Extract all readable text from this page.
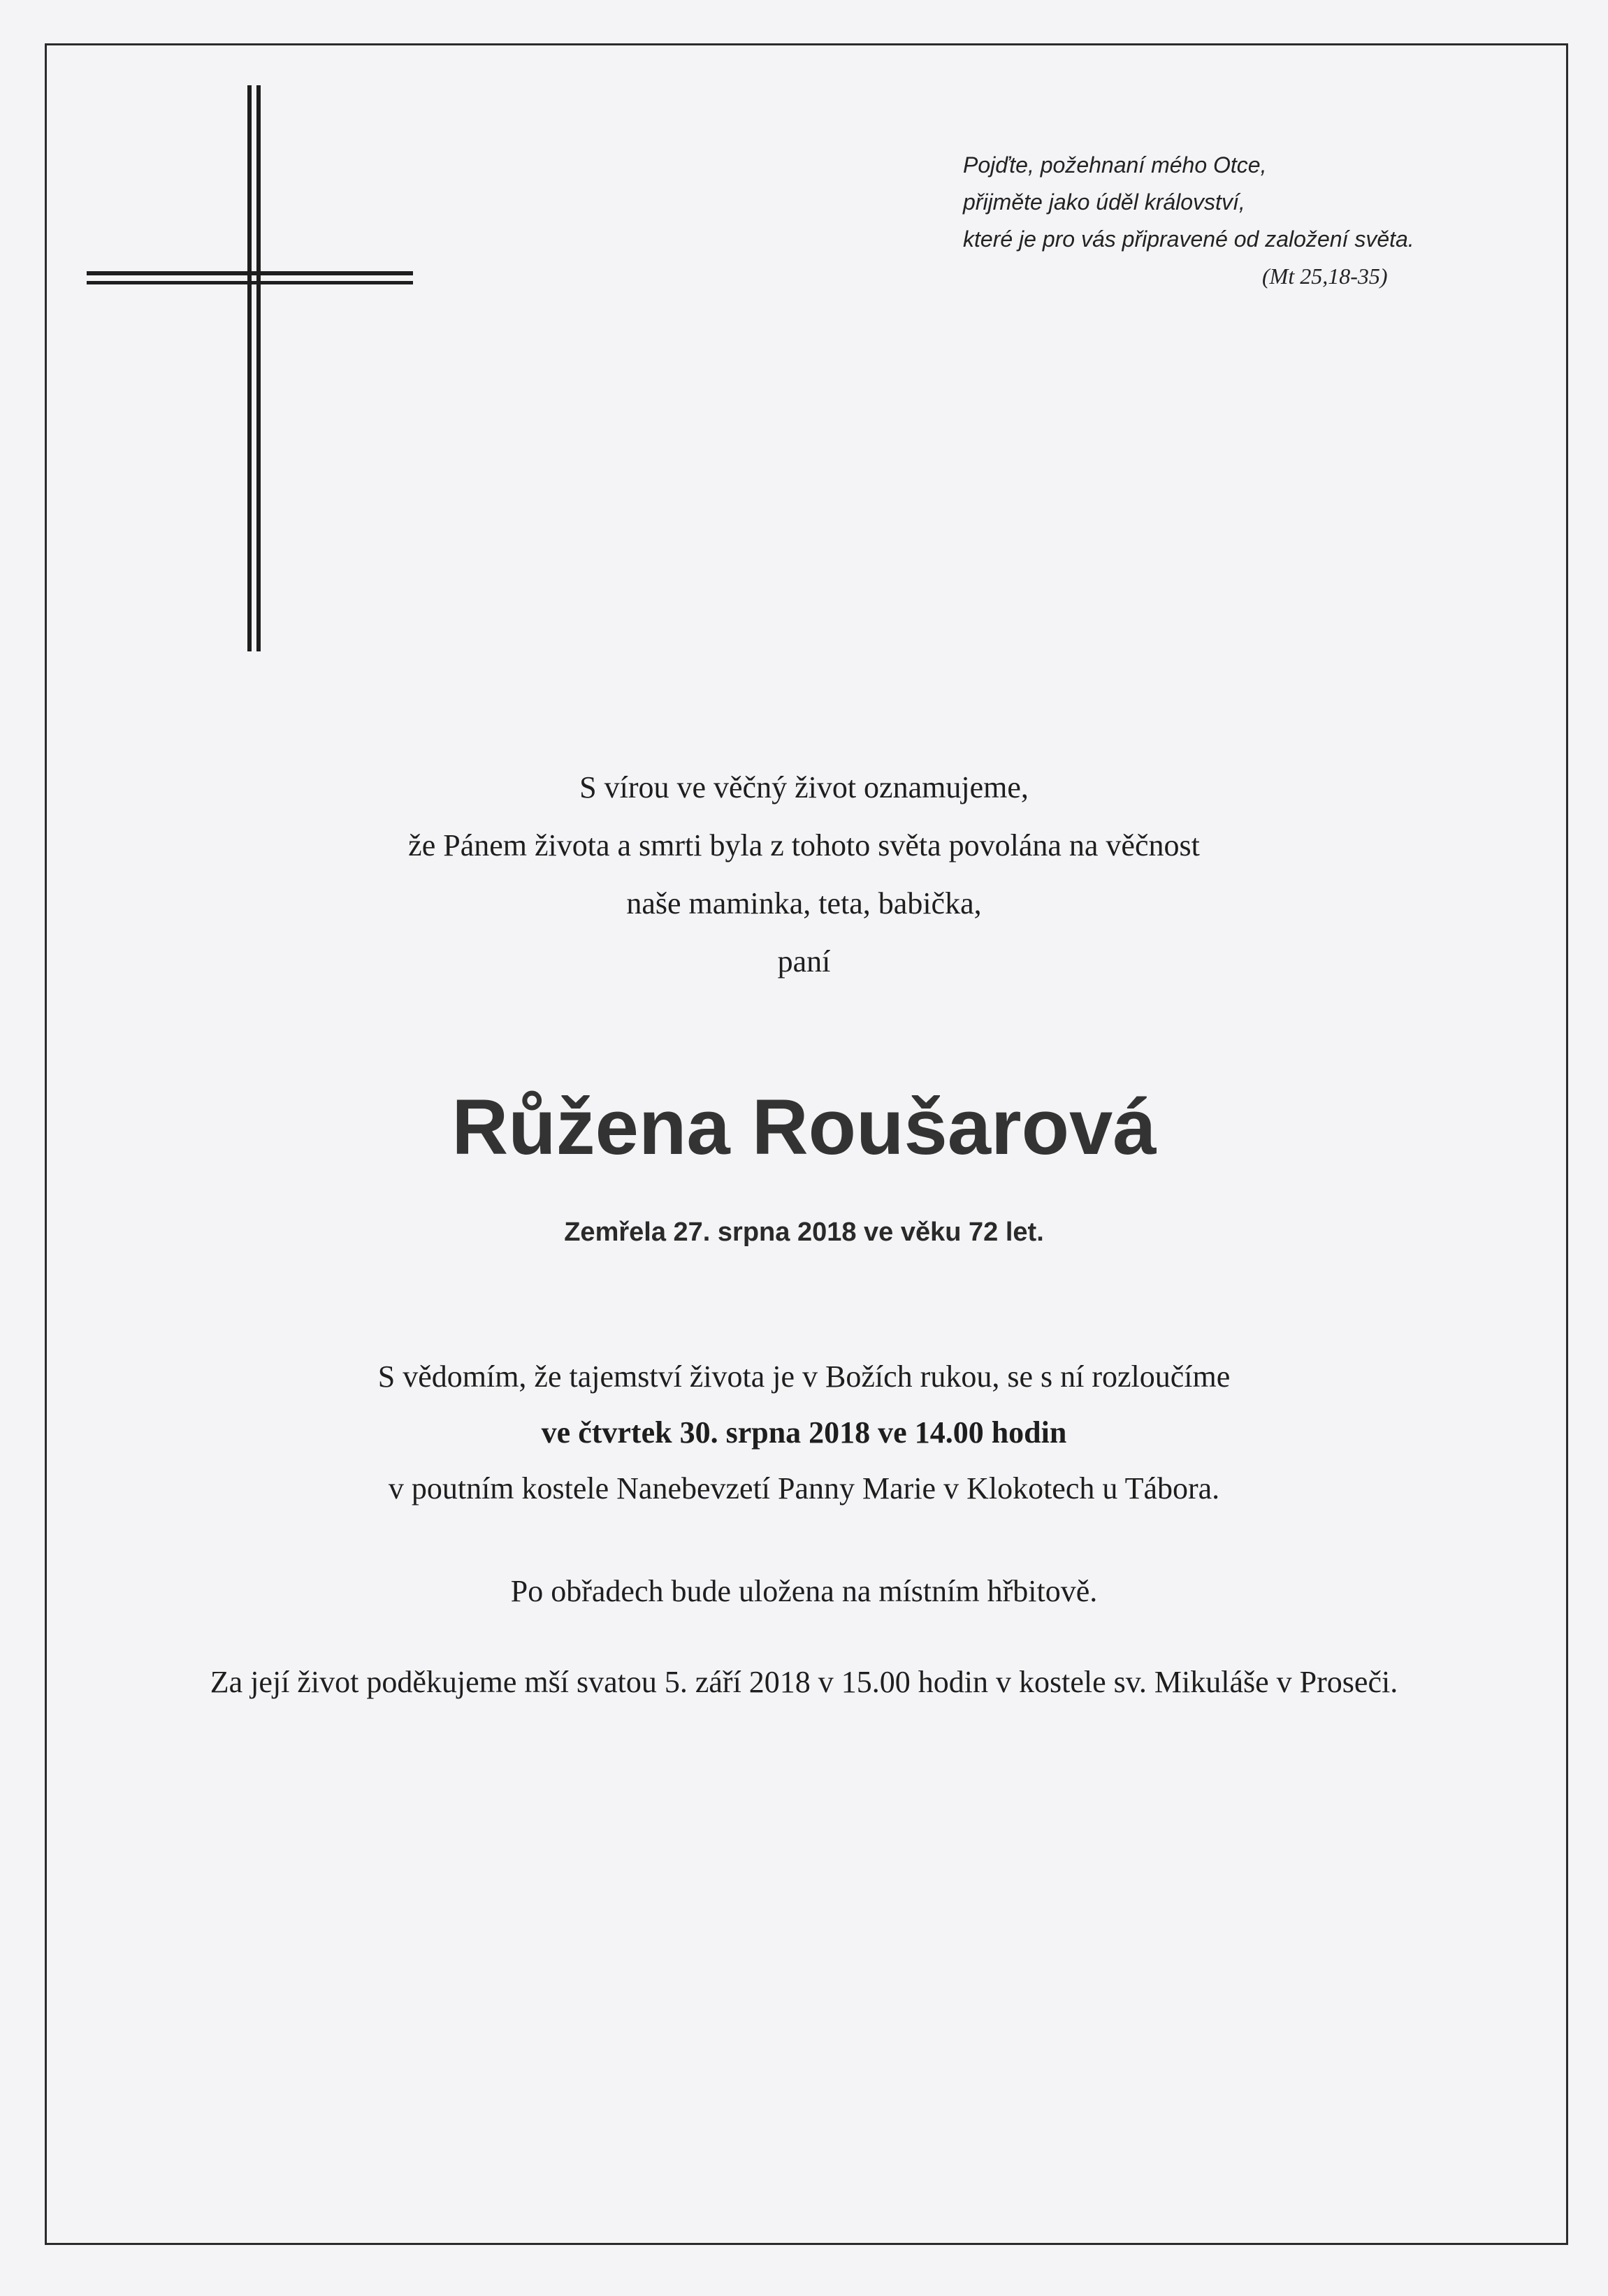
Pojďte, požehnaní mého Otce,
přijměte jako úděl království,
které je pro vás připravené od založení světa.
(Mt 25,18-35)
S vírou ve věčný život oznamujeme,
že Pánem života a smrti byla z tohoto světa povolána na věčnost
naše maminka, teta, babička,
paní
Růžena Roušarová
Zemřela 27. srpna 2018 ve věku 72 let.
S vědomím, že tajemství života je v Božích rukou, se s ní rozloučíme
ve čtvrtek 30. srpna 2018 ve 14.00 hodin
v poutním kostele Nanebevzetí Panny Marie v Klokotech u Tábora.
Po obřadech bude uložena na místním hřbitově.
Za její život poděkujeme mší svatou 5. září 2018 v 15.00 hodin v kostele sv. Mikuláše v Proseči.
